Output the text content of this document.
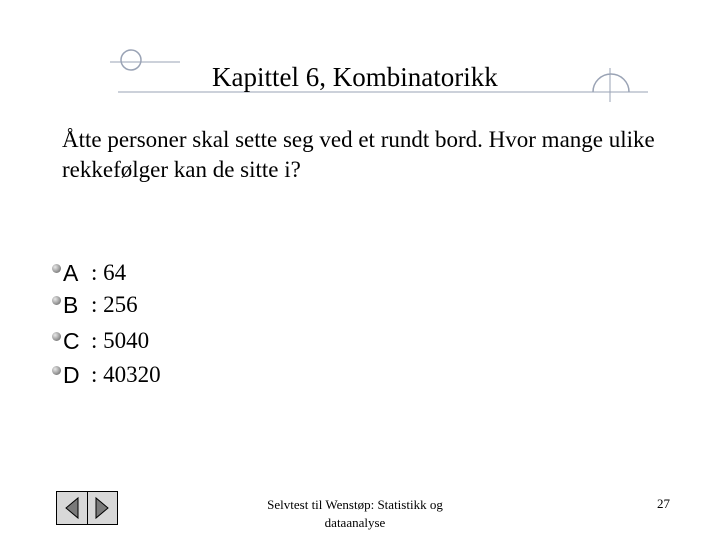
Kapittel 6, Kombinatorikk
Åtte personer skal sette seg ved et rundt bord. Hvor mange ulike rekkefølger kan de sitte i?
A : 64
B : 256
C : 5040
D : 40320
Selvtest til Wenstøp: Statistikk og dataanalyse
27
